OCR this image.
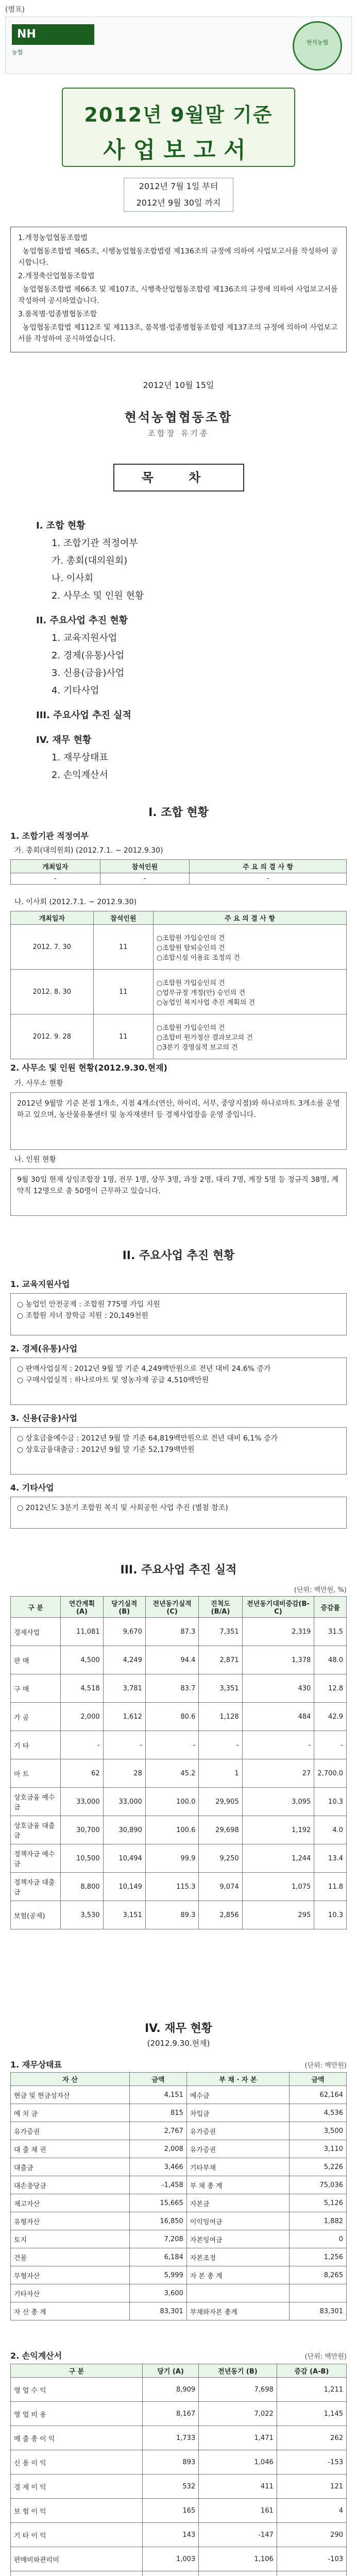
(별표)
NH
농협
현석농협
2012년 9월말 기준
사업보고서
2012년 7월 1일 부터
2012년 9월 30일 까지

1.개정농업협동조합법

농업협동조합법 제65조, 시행농업협동조합법령 제136조의 규정에 의하여 사업보고서를 작성하여 공시합니다.

2.개정축산업협동조합법

농업협동조합법 제66조 및 제107조, 시행축산업협동조합령 제136조의 규정에 의하여 사업보고서를 작성하여 공시하였습니다.

3.품목별·업종별협동조합

농업협동조합법 제112조 및 제113조, 품목별·업종별협동조합령 제137조의 규정에 의하여 사업보고서를 작성하여 공시하였습니다.

2012년 10월 15일
현석농협협동조합
조합장 유기종
목 차
I. 조합 현황
1. 조합기관 적정여부
가. 총회(대의원회)
나. 이사회
2. 사무소 및 인원 현황
II. 주요사업 추진 현황
1. 교육지원사업
2. 경제(유통)사업
3. 신용(금융)사업
4. 기타사업
III. 주요사업 추진 실적
IV. 재무 현황
1. 재무상태표
2. 손익계산서
I. 조합 현황
1. 조합기관 적정여부
가. 총회(대의원회) (2012.7.1. ~ 2012.9.30)
개최일자	참석인원	주 요 의 결 사 항
-	-	-
나. 이사회 (2012.7.1. ~ 2012.9.30)
개최일자	참석인원	주 요 의 결 사 항
2012. 7. 30	11	○조합원 가입승인의 건
○조합원 탈퇴승인의 건
○조합시설 이용료 조정의 건
2012. 8. 30	11	○조합원 가입승인의 건
○업무규정 개정(안) 승인의 건
○농업인 복지사업 추진 계획의 건
2012. 9. 28	11	○조합원 가입승인의 건
○조합비 원가정산 결과보고의 건
○3분기 경영실적 보고의 건
2. 사무소 및 인원 현황(2012.9.30.현재)
가. 사무소 현황
2012년 9월말 기준 본점 1개소, 지점 4개소(연산, 하이리, 서부, 중앙지점)와 하나로마트 3개소를 운영하고 있으며, 농산물유통센터 및 농자재센터 등 경제사업장을 운영 중입니다.
나. 인원 현황
9월 30일 현재 상임조합장 1명, 전무 1명, 상무 3명, 과장 2명, 대리 7명, 계장 5명 등 정규직 38명, 계약직 12명으로 총 50명이 근무하고 있습니다.
II. 주요사업 추진 현황
1. 교육지원사업
○ 농업인 안전공제 : 조합원 775명 가입 지원
○ 조합원 자녀 장학금 지원 : 20,149천원
2. 경제(유통)사업
○ 판매사업실적 : 2012년 9월 말 기준 4,249백만원으로 전년 대비 24.6% 증가
○ 구매사업실적 : 하나로마트 및 영농자재 공급 4,510백만원
3. 신용(금융)사업
○ 상호금융예수금 : 2012년 9월 말 기준 64,819백만원으로 전년 대비 6,1% 증가
○ 상호금융대출금 : 2012년 9월 말 기준 52,179백만원
4. 기타사업
○ 2012년도 3분기 조합원 복지 및 사회공헌 사업 추진 (별첨 참조)
III. 주요사업 추진 실적
(단위: 백만원, %)
구 분	연간계획(A)	당기실적(B)	전년동기실적(C)	진척도(B/A)	전년동기대비증감(B-C)	증감률
경제사업	11,081	9,670	87.3	7,351	2,319	31.5
판 매	4,500	4,249	94.4	2,871	1,378	48.0
구 매	4,518	3,781	83.7	3,351	430	12.8
가 공	2,000	1,612	80.6	1,128	484	42.9
기 타	-	-	-	-	-	-
마 트	62	28	45.2	1	27	2,700.0
상호금융 예수금	33,000	33,000	100.0	29,905	3,095	10.3
상호금융 대출금	30,700	30,890	100.6	29,698	1,192	4.0
정책자금 예수금	10,500	10,494	99.9	9,250	1,244	13.4
정책자금 대출금	8,800	10,149	115.3	9,074	1,075	11.8
보험(공제)	3,530	3,151	89.3	2,856	295	10.3
IV. 재무 현황
(2012.9.30.현재)
1. 재무상태표	(단위: 백만원)
자 산	금액	부 채 · 자 본	금액
현금 및 현금성자산	4,151	예수금	62,164
예 치 금	815	차입금	4,536
유가증권	2,767	유가증권	3,500
대 출 채 권	2,008	유가증권	3,110
대출금	3,466	기타부채	5,226
대손충당금	-1,458	부 채 총 계	75,036
재고자산	15,665	자본금	5,126
유형자산	16,850	이익잉여금	1,882
토지	7,208	자본잉여금	0
건물	6,184	자본조정	1,256
무형자산	5,999	자 본 총 계	8,265
기타자산	3,600		
자 산 총 계	83,301	부채와자본 총계	83,301
2. 손익계산서	(단위: 백만원)
구 분	당기 (A)	전년동기 (B)	증감 (A-B)
영 업 수 익	8,909	7,698	1,211
영 업 비 용	8,167	7,022	1,145
매 출 총 이 익	1,733	1,471	262
신 용 이 익	893	1,046	-153
경 제 이 익	532	411	121
보 험 이 익	165	161	4
기 타 이 익	143	-147	290
판매비와관리비	1,003	1,106	-103
